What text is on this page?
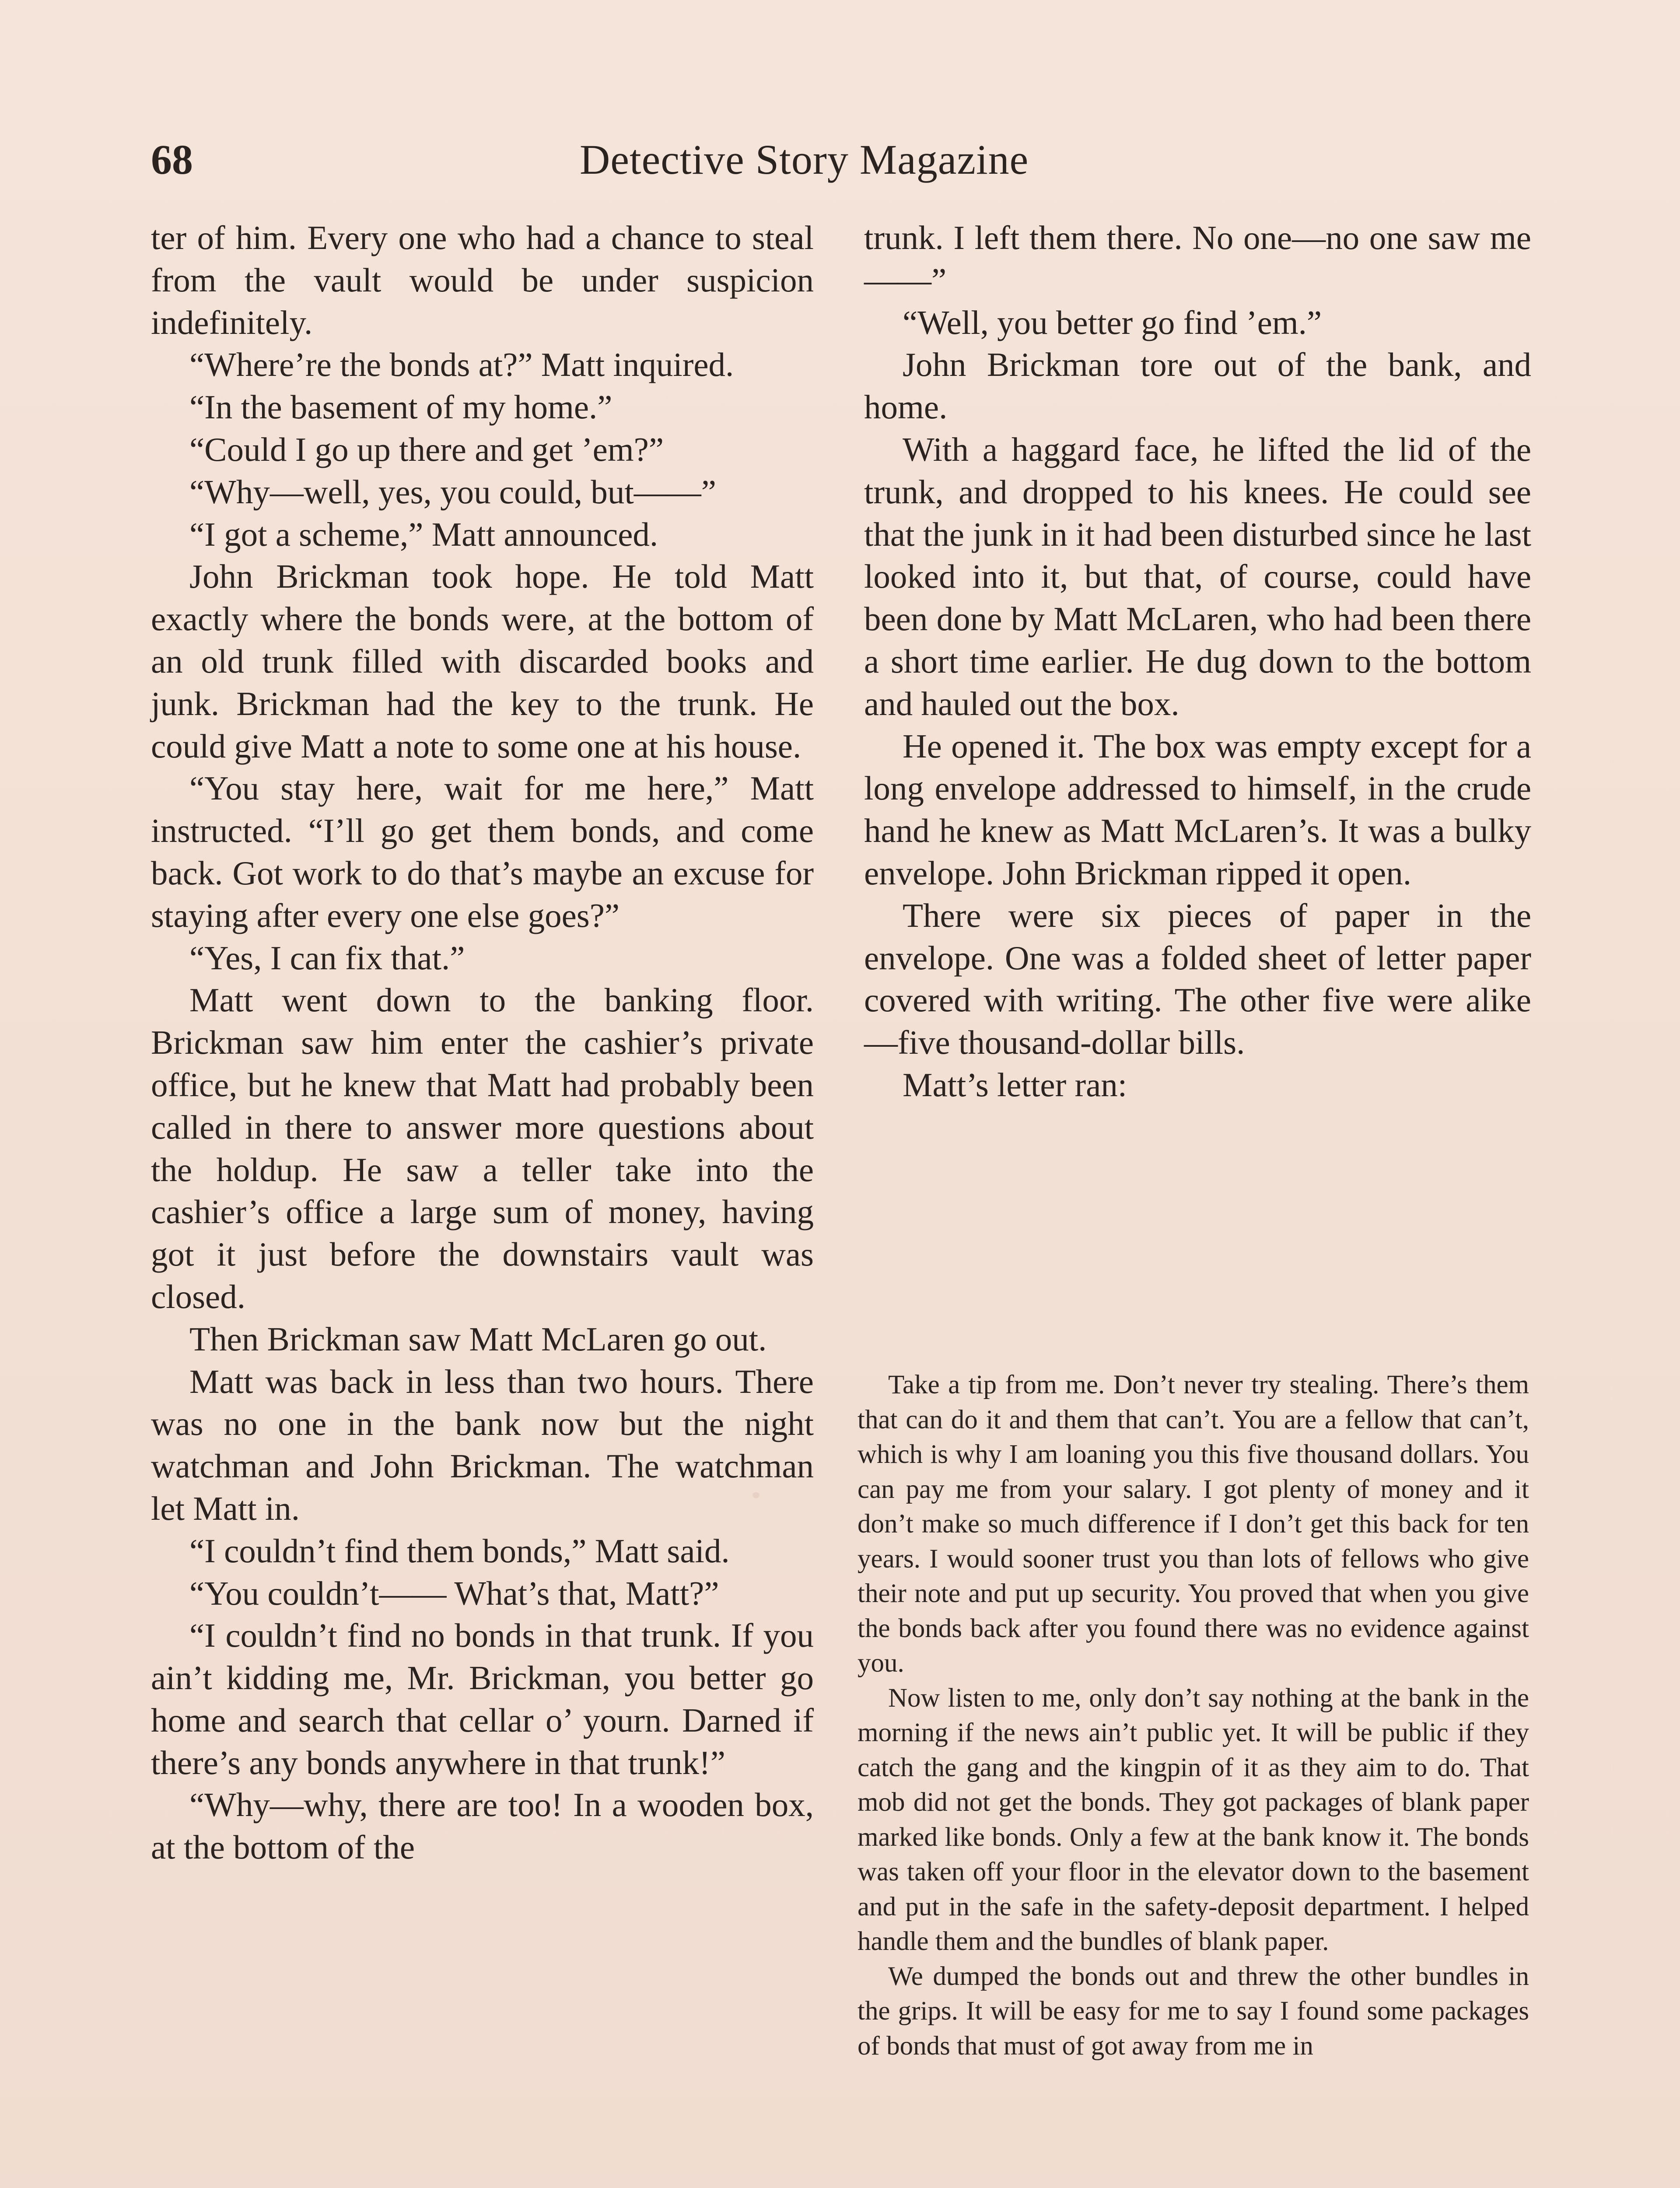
68	Detective Story Magazine

ter of him. Every one who had a chance to steal from the vault would be under suspicion indefinitely.

“Where’re the bonds at?” Matt inquired.

“In the basement of my home.”

“Could I go up there and get ’em?”

“Why—well, yes, you could, but——”

“I got a scheme,” Matt announced.

John Brickman took hope. He told Matt exactly where the bonds were, at the bottom of an old trunk filled with discarded books and junk. Brickman had the key to the trunk. He could give Matt a note to some one at his house.

“You stay here, wait for me here,” Matt instructed. “I’ll go get them bonds, and come back. Got work to do that’s maybe an excuse for staying after every one else goes?”

“Yes, I can fix that.”

Matt went down to the banking floor. Brickman saw him enter the cashier’s private office, but he knew that Matt had probably been called in there to answer more questions about the holdup. He saw a teller take into the cashier’s office a large sum of money, having got it just before the downstairs vault was closed.

Then Brickman saw Matt McLaren go out.

Matt was back in less than two hours. There was no one in the bank now but the night watchman and John Brickman. The watchman let Matt in.

“I couldn’t find them bonds,” Matt said.

“You couldn’t—— What’s that, Matt?”

“I couldn’t find no bonds in that trunk. If you ain’t kidding me, Mr. Brickman, you better go home and search that cellar o’ yourn. Darned if there’s any bonds anywhere in that trunk!”

“Why—why, there are too! In a wooden box, at the bottom of the

trunk. I left them there. No one—no one saw me——”

“Well, you better go find ’em.”

John Brickman tore out of the bank, and home.

With a haggard face, he lifted the lid of the trunk, and dropped to his knees. He could see that the junk in it had been disturbed since he last looked into it, but that, of course, could have been done by Matt McLaren, who had been there a short time earlier. He dug down to the bottom and hauled out the box.

He opened it. The box was empty except for a long envelope addressed to himself, in the crude hand he knew as Matt McLaren’s. It was a bulky envelope. John Brickman ripped it open.

There were six pieces of paper in the envelope. One was a folded sheet of letter paper covered with writing. The other five were alike—five thousand-dollar bills.

Matt’s letter ran:

Take a tip from me. Don’t never try stealing. There’s them that can do it and them that can’t. You are a fellow that can’t, which is why I am loaning you this five thousand dollars. You can pay me from your salary. I got plenty of money and it don’t make so much difference if I don’t get this back for ten years. I would sooner trust you than lots of fellows who give their note and put up security. You proved that when you give the bonds back after you found there was no evidence against you.

Now listen to me, only don’t say nothing at the bank in the morning if the news ain’t public yet. It will be public if they catch the gang and the kingpin of it as they aim to do. That mob did not get the bonds. They got packages of blank paper marked like bonds. Only a few at the bank know it. The bonds was taken off your floor in the elevator down to the basement and put in the safe in the safety-deposit department. I helped handle them and the bundles of blank paper.

We dumped the bonds out and threw the other bundles in the grips. It will be easy for me to say I found some packages of bonds that must of got away from me in
